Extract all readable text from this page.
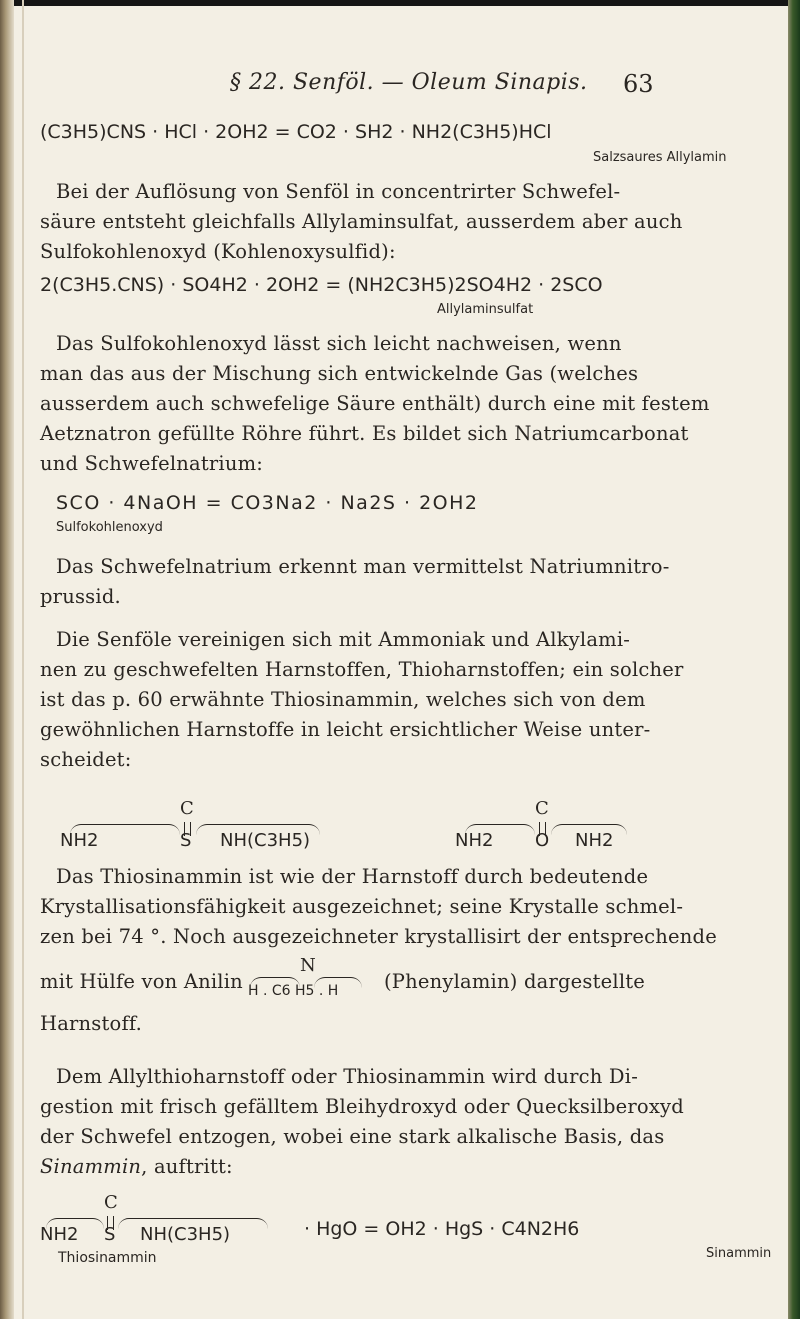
§ 22. Senföl. — Oleum Sinapis. 63
(C3H5)CNS · HCl · 2OH2 = CO2 · SH2 · NH2(C3H5)HCl
Salzsaures Allylamin
Bei der Auflösung von Senföl in concentrirter Schwefel-
säure entsteht gleichfalls Allylaminsulfat, ausserdem aber auch
Sulfokohlenoxyd (Kohlenoxysulfid):
2(C3H5.CNS) · SO4H2 · 2OH2 = (NH2C3H5)2SO4H2 · 2SCO
Allylaminsulfat
Das Sulfokohlenoxyd lässt sich leicht nachweisen, wenn
man das aus der Mischung sich entwickelnde Gas (welches
ausserdem auch schwefelige Säure enthält) durch eine mit festem
Aetznatron gefüllte Röhre führt. Es bildet sich Natriumcarbonat
und Schwefelnatrium:
SCO · 4NaOH = CO3Na2 · Na2S · 2OH2
Sulfokohlenoxyd
Das Schwefelnatrium erkennt man vermittelst Natriumnitro-
prussid.
Die Senföle vereinigen sich mit Ammoniak und Alkylami-
nen zu geschwefelten Harnstoffen, Thioharnstoffen; ein solcher
ist das p. 60 erwähnte Thiosinammin, welches sich von dem
gewöhnlichen Harnstoffe in leicht ersichtlicher Weise unter-
scheidet:
C
NH2	S NH(C3H5)
C
NH2 O NH2
Das Thiosinammin ist wie der Harnstoff durch bedeutende
Krystallisationsfähigkeit ausgezeichnet; seine Krystalle schmel-
zen bei 74 °. Noch ausgezeichneter krystallisirt der entsprechende
mit Hülfe von Anilin
N
H . C6 H5 . H (Phenylamin) dargestellte
Harnstoff.
Dem Allylthioharnstoff oder Thiosinammin wird durch Di-
gestion mit frisch gefälltem Bleihydroxyd oder Quecksilberoxyd
der Schwefel entzogen, wobei eine stark alkalische Basis, das
Sinammin, auftritt:
C
NH2 S NH(C3H5)
Thiosinammin
· HgO = OH2 · HgS · C4N2H6
Sinammin
